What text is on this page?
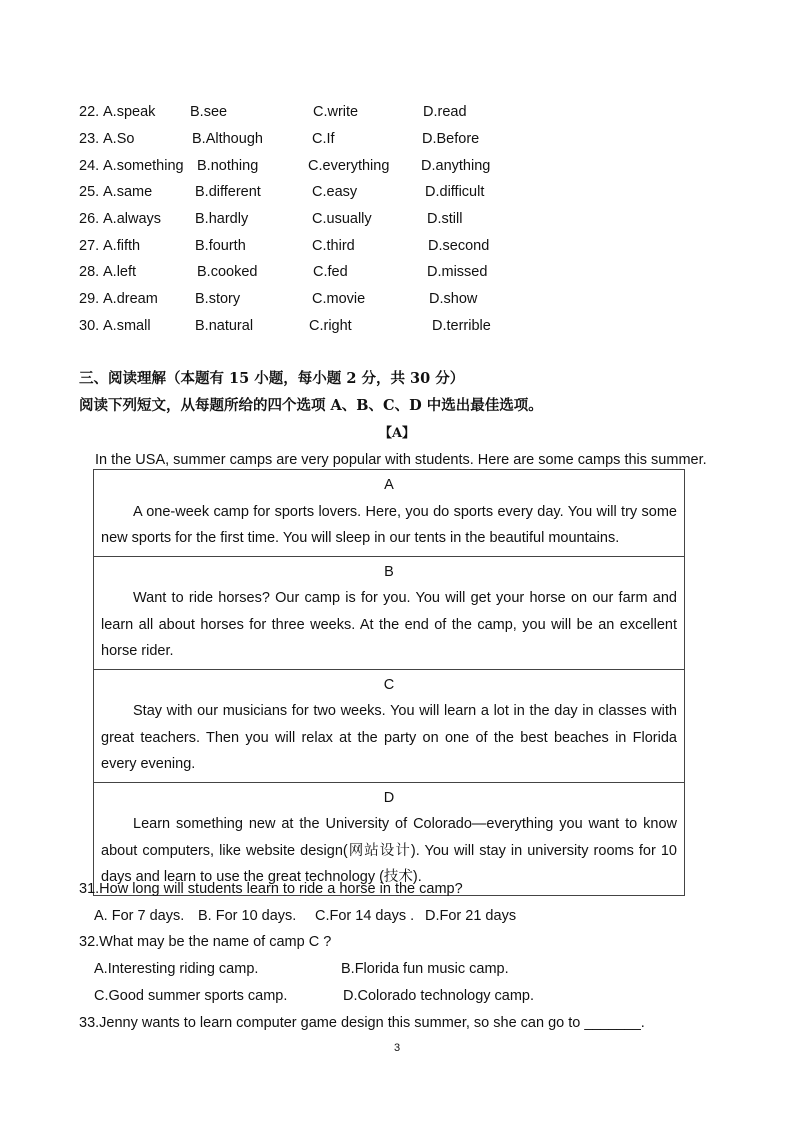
22. A.speak B.see	C.write	D.read
23. A.So	B.Although	C.If	D.Before
24. A.something B.nothing	C.everything D.anything
25. A.same	B.different	C.easy	D.difficult
26. A.always B.hardly	C.usually	D.still
27. A.fifth	B.fourth	C.third	D.second
28. A.left	B.cooked	C.fed	D.missed
29. A.dream	B.story	C.movie	D.show
30. A.small	B.natural	C.right	D.terrible
三、阅读理解（本题有 15 小题，每小题 2 分，共 30 分）
阅读下列短文，从每题所给的四个选项 A、B、C、D 中选出最佳选项。
【A】
In the USA, summer camps are very popular with students. Here are some camps this summer.
A
A one-week camp for sports lovers. Here, you do sports every day. You will try some new sports for the first time. You will sleep in our tents in the beautiful mountains.

B
Want to ride horses? Our camp is for you. You will get your horse on our farm and learn all about horses for three weeks. At the end of the camp, you will be an excellent horse rider.

C
Stay with our musicians for two weeks. You will learn a lot in the day in classes with great teachers. Then you will relax at the party on one of the best beaches in Florida every evening.

D
Learn something new at the University of Colorado—everything you want to know about computers, like website design(网站设计). You will stay in university rooms for 10 days and learn to use the great technology (技术).
31.How long will students learn to ride a horse in the camp?
A. For 7 days. B. For 10 days. C.For 14 days . D.For 21 days
32.What may be the name of camp C ?
A.Interesting riding camp.	B.Florida fun music camp.
C.Good summer sports camp.	D.Colorado technology camp.
33.Jenny wants to learn computer game design this summer, so she can go to _______.
3
